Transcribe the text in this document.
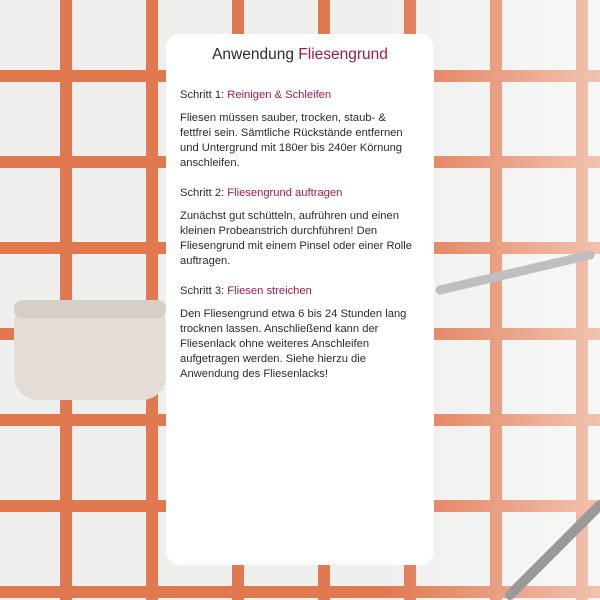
Anwendung Fliesengrund
Schritt 1: Reinigen & Schleifen
Fliesen müssen sauber, trocken, staub- & fettfrei sein. Sämtliche Rückstände entfernen und Untergrund mit 180er bis 240er Körnung anschleifen.
Schritt 2: Fliesengrund auftragen
Zunächst gut schütteln, aufrühren und einen kleinen Probeanstrich durchführen! Den Fliesengrund mit einem Pinsel oder einer Rolle auftragen.
Schritt 3: Fliesen streichen
Den Fliesengrund etwa 6 bis 24 Stunden lang trocknen lassen. Anschließend kann der Fliesenlack ohne weiteres Anschleifen aufgetragen werden. Siehe hierzu die Anwendung des Fliesenlacks!
